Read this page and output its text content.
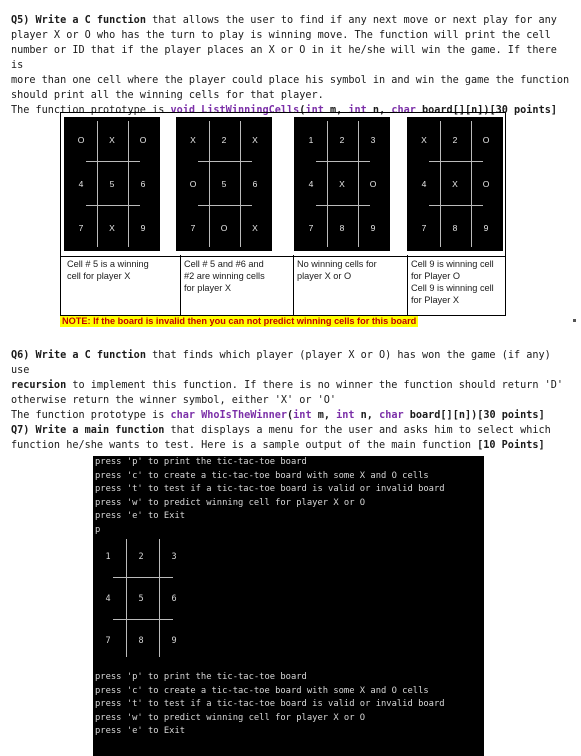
Q5) Write a C function that allows the user to find if any next move or next play for any
player X or O who has the turn to play is winning move. The function will print the cell
number or ID that if the player places an X or O in it he/she will win the game. If there is
more than one cell where the player could place his symbol in and win the game the function
should print all the winning cells for that player.
The function prototype is void ListWinningCells(int m, int n, char board[][n])[30 points]
O	X	O
4	5	6
7	X	9
X	2	X
O	5	6
7	O	X
1	2	3
4	X	O
7	8	9
X	2	O
4	X	O
7	8	9
Cell # 5 is a winning
cell for player X
Cell # 5 and #6 and
#2 are winning cells
for player X
No winning cells for
player X or O
Cell 9 is winning cell
for Player O
Cell 9 is winning cell
for Player X
NOTE: If the board is invalid then you can not predict winning cells for this board
Q6) Write a C function that finds which player (player X or O) has won the game (if any) use
recursion to implement this function. If there is no winner the function should return 'D'
otherwise return the winner symbol, either 'X' or 'O'
The function prototype is char WhoIsTheWinner(int m, int n, char board[][n])[30 points]
Q7) Write a main function that displays a menu for the user and asks him to select which
function he/she wants to test. Here is a sample output of the main function [10 Points]
press 'p' to print the tic-tac-toe board
press 'c' to create a tic-tac-toe board with some X and O cells
press 't' to test if a tic-tac-toe board is valid or invalid board
press 'w' to predict winning cell for player X or O
press 'e' to Exit
p
1	2	3
4	5	6
7	8	9
press 'p' to print the tic-tac-toe board
press 'c' to create a tic-tac-toe board with some X and O cells
press 't' to test if a tic-tac-toe board is valid or invalid board
press 'w' to predict winning cell for player X or O
press 'e' to Exit
